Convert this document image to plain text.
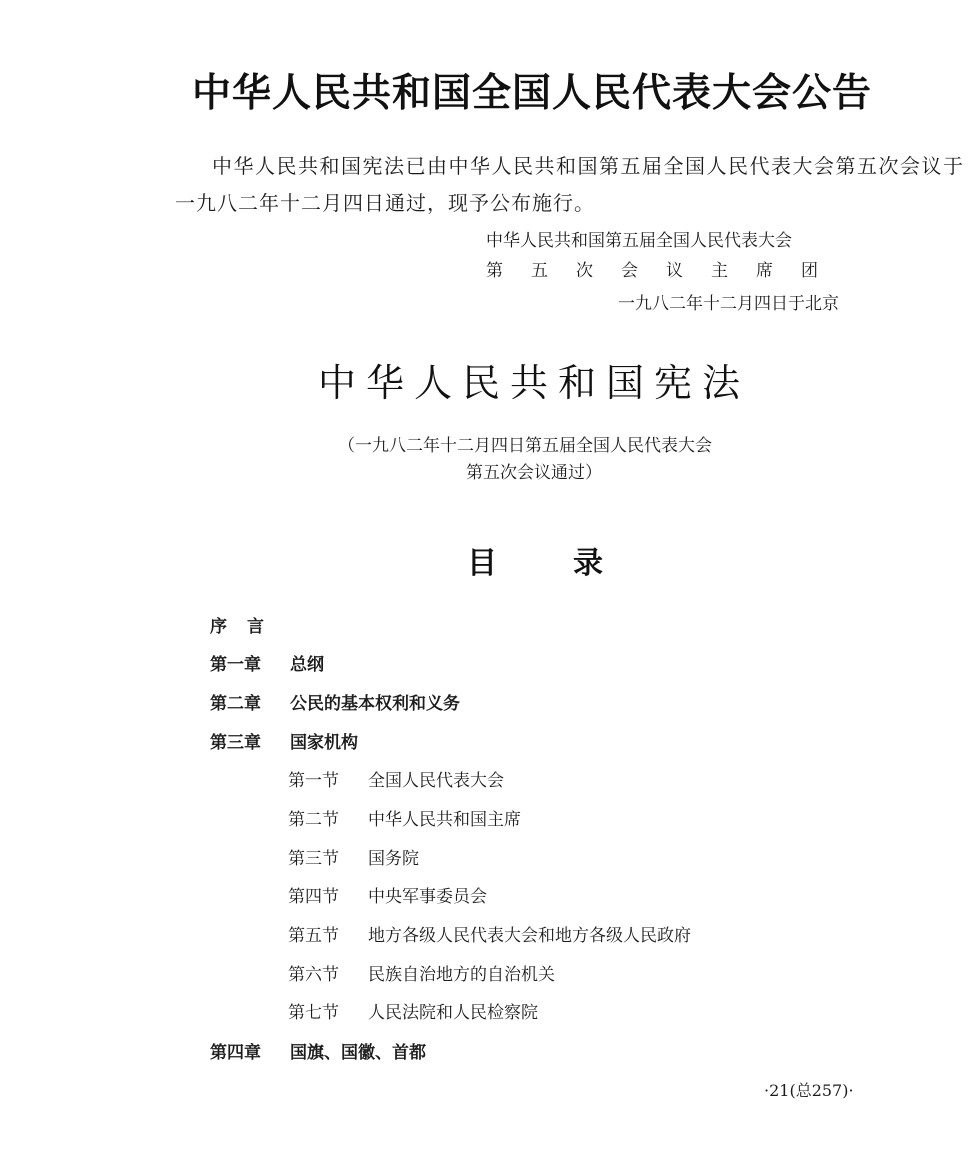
中华人民共和国全国人民代表大会公告
中华人民共和国宪法已由中华人民共和国第五届全国人民代表大会第五次会议于
一九八二年十二月四日通过，现予公布施行。
中华人民共和国第五届全国人民代表大会
第五次会议主席团
一九八二年十二月四日于北京
中华人民共和国宪法
（一九八二年十二月四日第五届全国人民代表大会
第五次会议通过）
目录
序言
第一章 总纲
第二章 公民的基本权利和义务
第三章 国家机构
第一节 全国人民代表大会
第二节 中华人民共和国主席
第三节 国务院
第四节 中央军事委员会
第五节 地方各级人民代表大会和地方各级人民政府
第六节 民族自治地方的自治机关
第七节 人民法院和人民检察院
第四章 国旗、国徽、首都
·21(总257)·
